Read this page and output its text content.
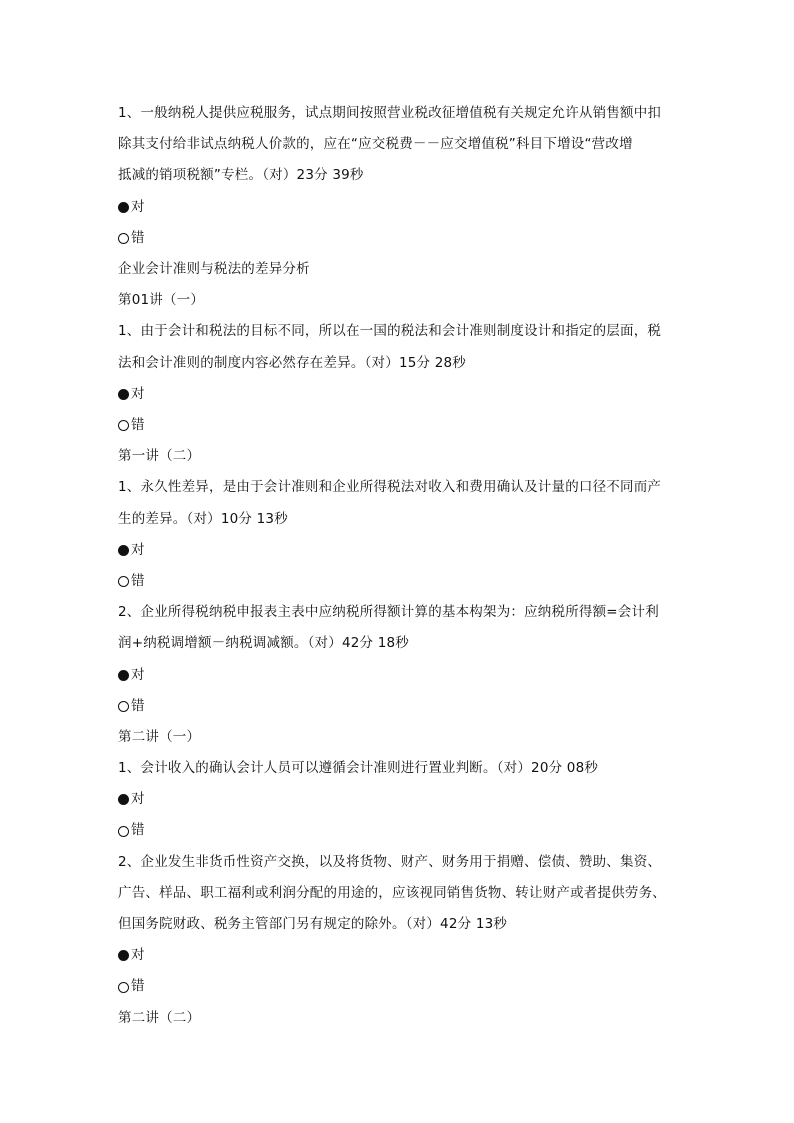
1、一般纳税人提供应税服务，试点期间按照营业税改征增值税有关规定允许从销售额中扣
除其支付给非试点纳税人价款的，应在“应交税费－－应交增值税”科目下增设“营改增
抵减的销项税额”专栏。（对）23分 39秒
对
错
企业会计准则与税法的差异分析
第01讲（一）
1、由于会计和税法的目标不同，所以在一国的税法和会计准则制度设计和指定的层面，税
法和会计准则的制度内容必然存在差异。（对）15分 28秒
对
错
第一讲（二）
1、永久性差异，是由于会计准则和企业所得税法对收入和费用确认及计量的口径不同而产
生的差异。（对）10分 13秒
对
错
2、企业所得税纳税申报表主表中应纳税所得额计算的基本构架为：应纳税所得额=会计利
润+纳税调增额－纳税调减额。（对）42分 18秒
对
错
第二讲（一）
1、会计收入的确认会计人员可以遵循会计准则进行置业判断。（对）20分 08秒
对
错
2、企业发生非货币性资产交换，以及将货物、财产、财务用于捐赠、偿债、赞助、集资、
广告、样品、职工福利或利润分配的用途的，应该视同销售货物、转让财产或者提供劳务、
但国务院财政、税务主管部门另有规定的除外。（对）42分 13秒
对
错
第二讲（二）
